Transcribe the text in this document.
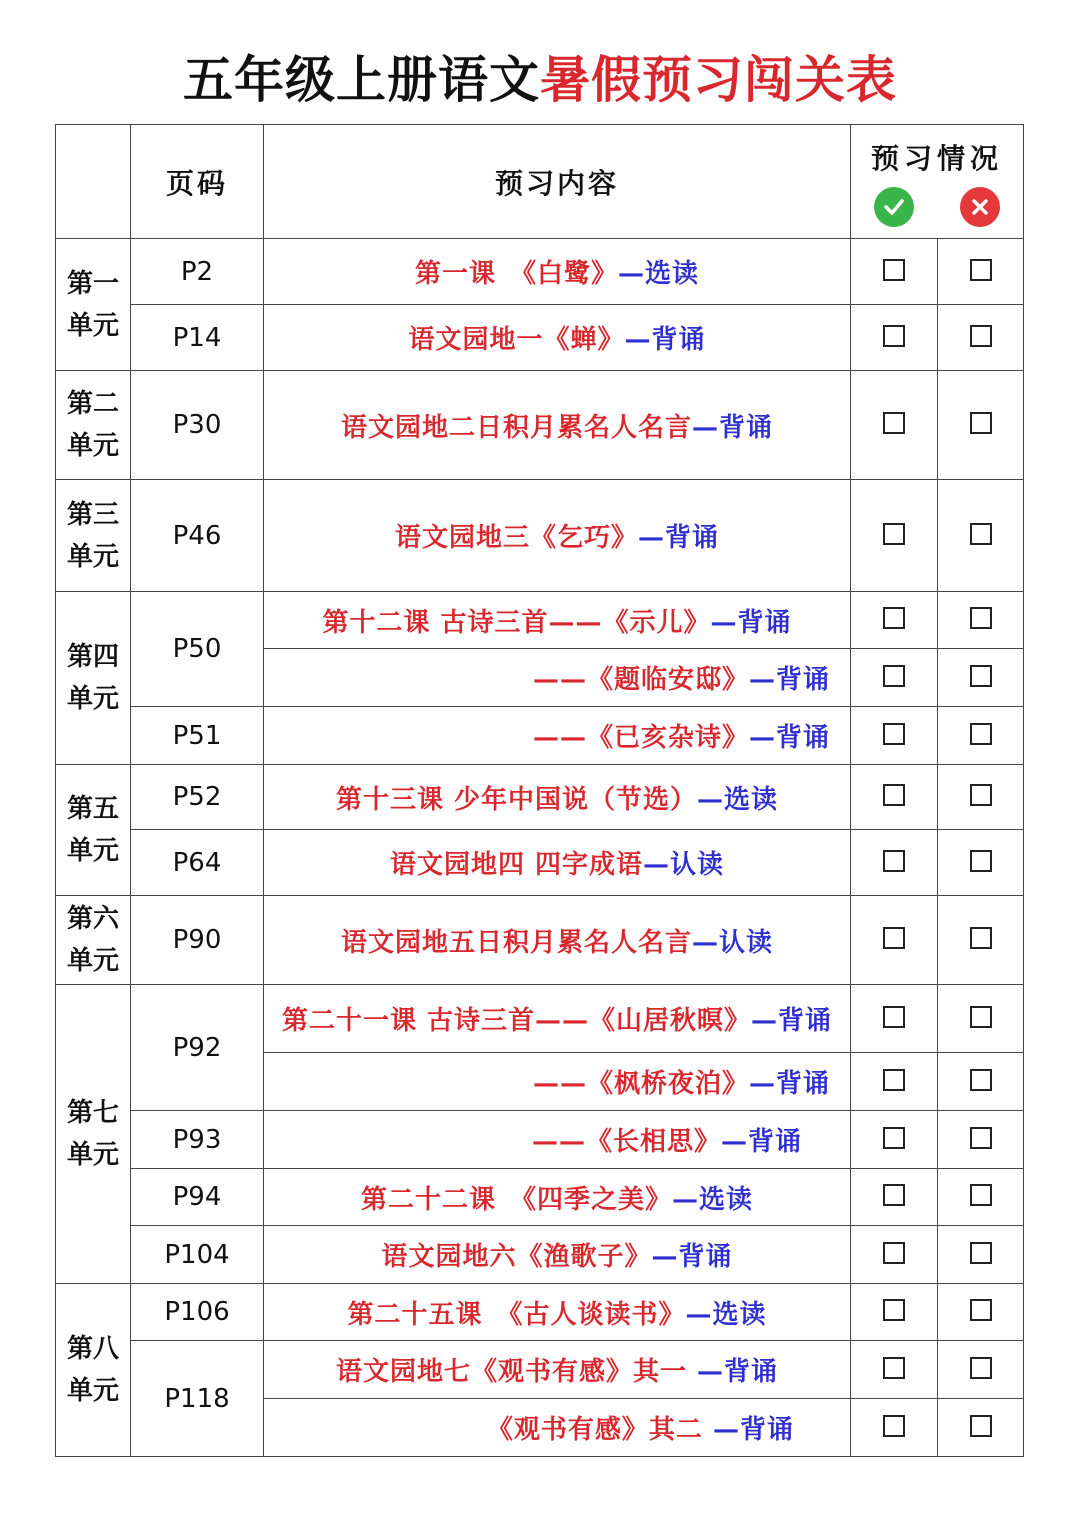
五年级上册语文暑假预习闯关表
	页码	预习内容	预习情况	

第一
单元	P2	第一课　《白鹭》—选读		
	P14	语文园地一《蝉》—背诵		
第二
单元	P30	语文园地二日积月累名人名言—背诵		
第三
单元	P46	语文园地三《乞巧》—背诵		
第四
单元	P50	第十二课 古诗三首——《示儿》—背诵		
		——《题临安邸》—背诵		
	P51	——《已亥杂诗》—背诵		
第五
单元	P52	第十三课 少年中国说（节选）—选读		
	P64	语文园地四 四字成语—认读		
第六
单元	P90	语文园地五日积月累名人名言—认读		
第七
单元	P92	第二十一课 古诗三首——《山居秋暝》—背诵		
		——《枫桥夜泊》—背诵		
	P93	——《长相思》—背诵		
	P94	第二十二课　《四季之美》—选读		
	P104	语文园地六《渔歌子》—背诵		
第八
单元	P106	第二十五课　《古人谈读书》—选读		
	P118	语文园地七《观书有感》其一 —背诵		
		《观书有感》其二 —背诵		
